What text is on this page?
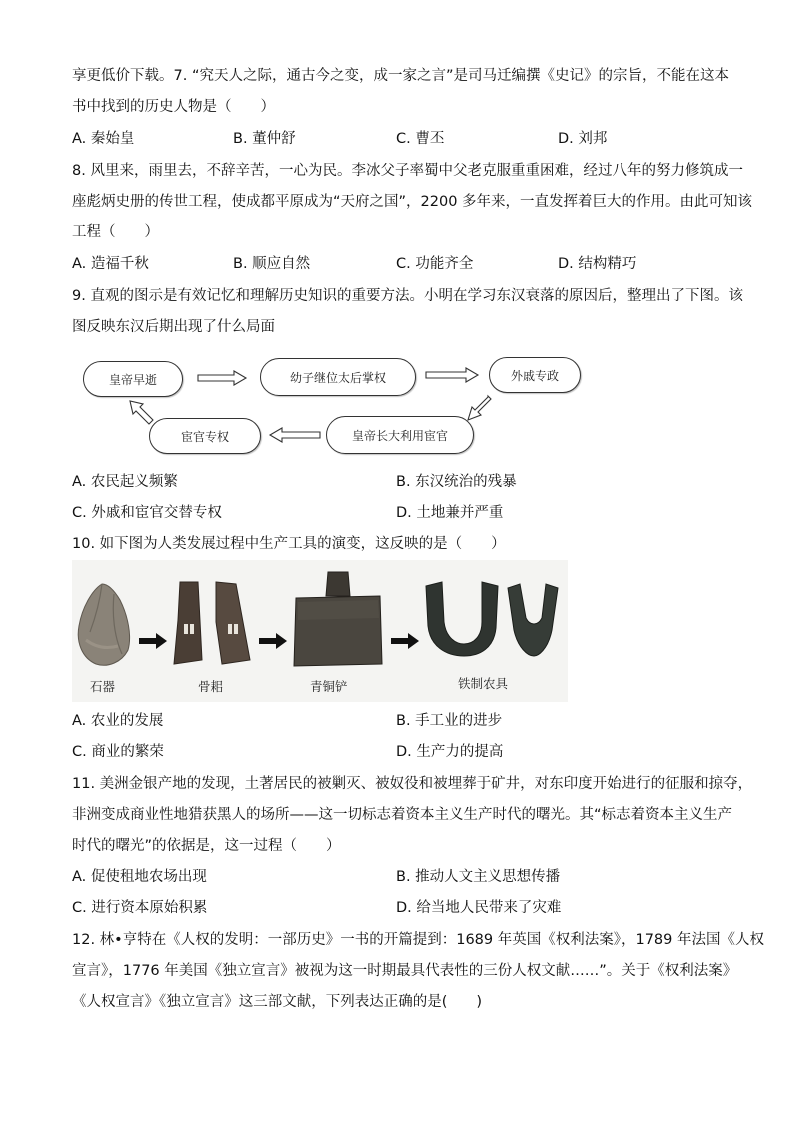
享更低价下载。7. “究天人之际，通古今之变，成一家之言”是司马迁编撰《史记》的宗旨，不能在这本
书中找到的历史人物是（　　）
A. 秦始皇	B. 董仲舒	C. 曹丕	D. 刘邦
8. 风里来，雨里去，不辞辛苦，一心为民。李冰父子率蜀中父老克服重重困难，经过八年的努力修筑成一
座彪炳史册的传世工程，使成都平原成为“天府之国”，2200 多年来，一直发挥着巨大的作用。由此可知该
工程（　　）
A. 造福千秋	B. 顺应自然	C. 功能齐全	D. 结构精巧
9. 直观的图示是有效记忆和理解历史知识的重要方法。小明在学习东汉衰落的原因后，整理出了下图。该
图反映东汉后期出现了什么局面
皇帝早逝	幼子继位太后掌权	外戚专政
皇帝长大利用宦官
宦官专权
A. 农民起义频繁	B. 东汉统治的残暴
C. 外戚和宦官交替专权	D. 土地兼并严重
10. 如下图为人类发展过程中生产工具的演变，这反映的是（　　）
石器	骨耜	青铜铲	铁制农具
A. 农业的发展	B. 手工业的进步
C. 商业的繁荣	D. 生产力的提高
11. 美洲金银产地的发现，土著居民的被剿灭、被奴役和被埋葬于矿井，对东印度开始进行的征服和掠夺，
非洲变成商业性地猎获黑人的场所——这一切标志着资本主义生产时代的曙光。其“标志着资本主义生产
时代的曙光”的依据是，这一过程（　　）
A. 促使租地农场出现	B. 推动人文主义思想传播
C. 进行资本原始积累	D. 给当地人民带来了灾难
12. 林•亨特在《人权的发明：一部历史》一书的开篇提到：1689 年英国《权利法案》，1789 年法国《人权
宣言》，1776 年美国《独立宣言》被视为这一时期最具代表性的三份人权文献……”。关于《权利法案》
《人权宣言》《独立宣言》这三部文献，下列表达正确的是(　　)
